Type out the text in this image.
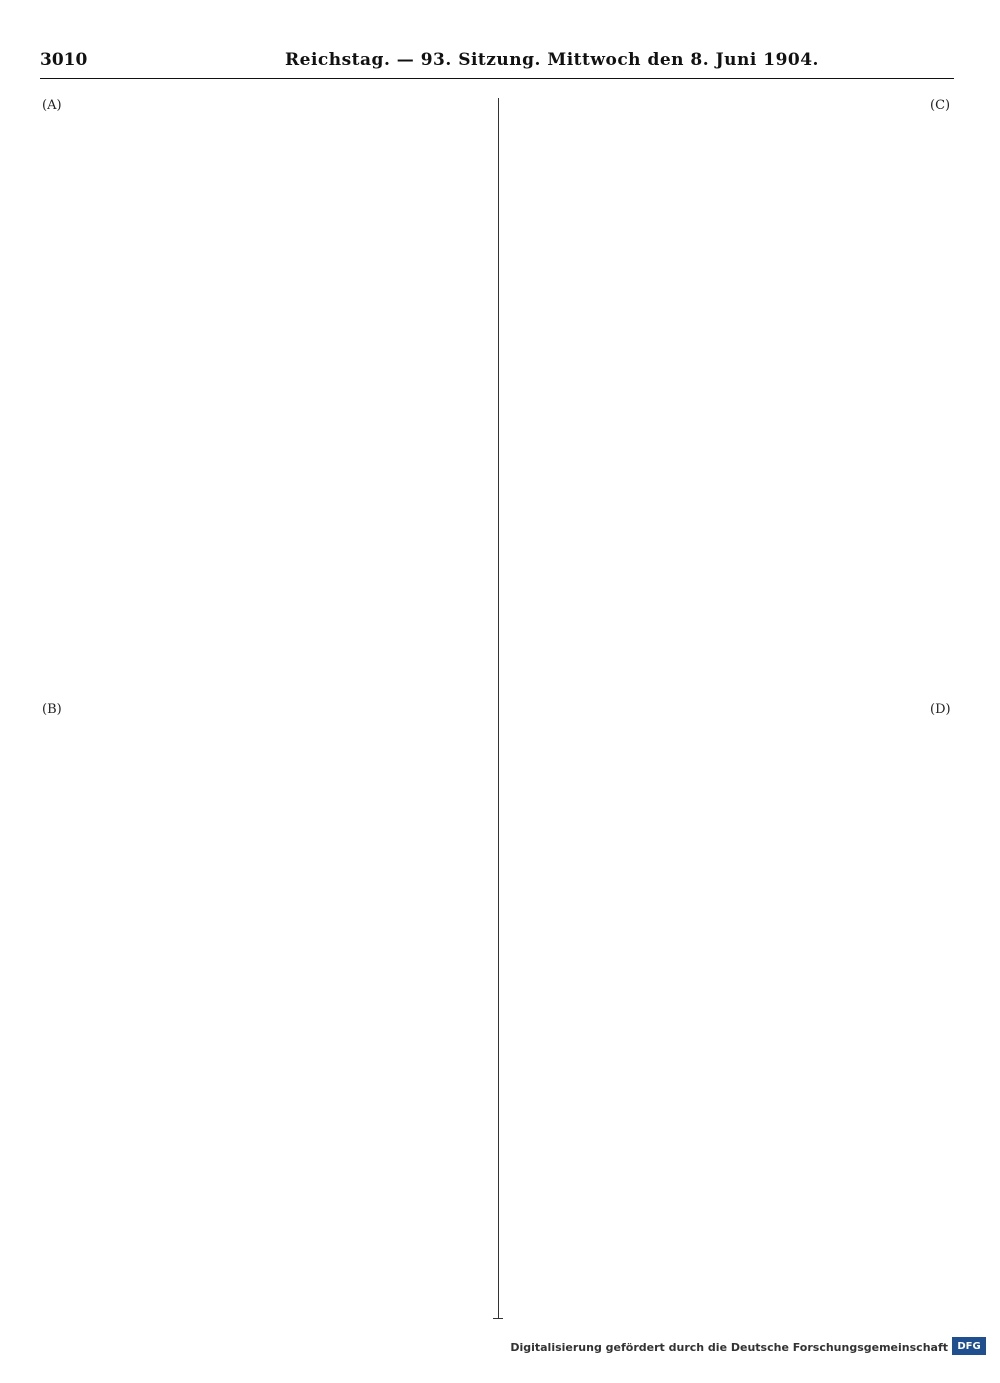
3010	Reichstag. — 93. Sitzung. Mittwoch den 8. Juni 1904.
(A)
(B)
(C)
(D)
Digitalisierung gefördert durch die Deutsche Forschungsgemeinschaft DFG
